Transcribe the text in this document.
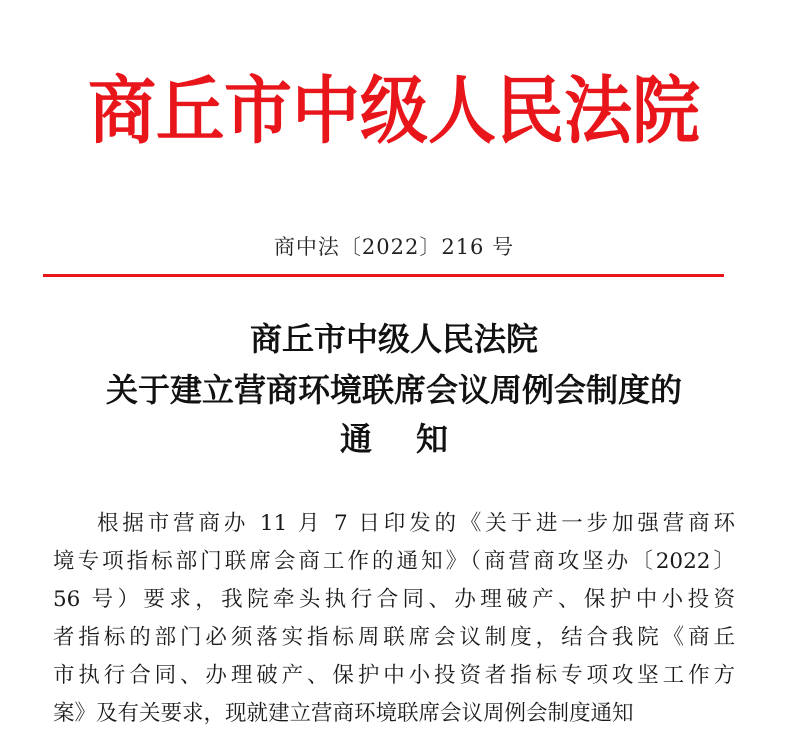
商丘市中级人民法院
商中法〔2022〕216 号
商丘市中级人民法院
关于建立营商环境联席会议周例会制度的
通 知
根据市营商办 11 月 7 日印发的《关于进一步加强营商环
境专项指标部门联席会商工作的通知》（商营商攻坚办〔2022〕
56 号）要求，我院牵头执行合同、办理破产、保护中小投资
者指标的部门必须落实指标周联席会议制度，结合我院《商丘
市执行合同、办理破产、保护中小投资者指标专项攻坚工作方
案》及有关要求，现就建立营商环境联席会议周例会制度通知
